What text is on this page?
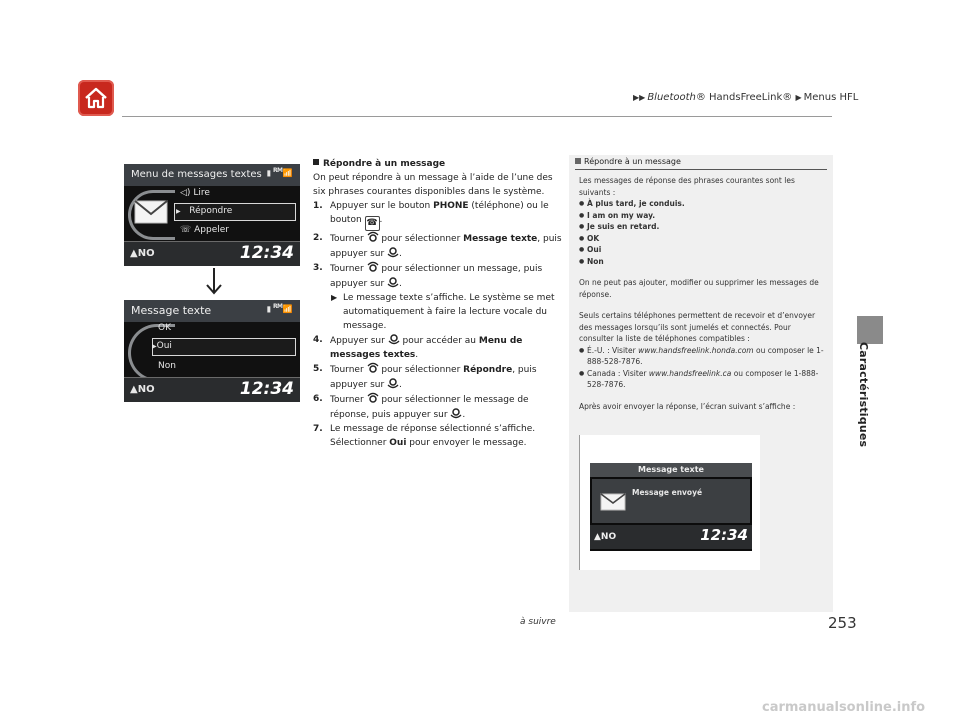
▶▶ Bluetooth® HandsFreeLink® ▶ Menus HFL
Caractéristiques
Menu de messages textes ▮ $^{RM}$📶
◁) Lire
▶ Répondre
☏ Appeler
▲NO	12:34
Message texte	▮ $^{RM}$📶
OK
▶Oui
Non
▲NO	12:34
Répondre à un message
On peut répondre à un message à l’aide de l’une des six phrases courantes disponibles dans le système.
1. Appuyer sur le bouton PHONE (téléphone) ou le bouton ☎ .
2. Tourner  pour sélectionner Message texte, puis appuyer sur .
3. Tourner  pour sélectionner un message, puis appuyer sur .
▶ Le message texte s’affiche. Le système se met automatiquement à faire la lecture vocale du message.
4. Appuyer sur  pour accéder au Menu de messages textes.
5. Tourner  pour sélectionner Répondre, puis appuyer sur .
6. Tourner  pour sélectionner le message de réponse, puis appuyer sur .
7. Le message de réponse sélectionné s’affiche. Sélectionner Oui pour envoyer le message.
Répondre à un message

Les messages de réponse des phrases courantes sont les suivants :

● À plus tard, je conduis.
● I am on my way.
● Je suis en retard.
● OK
● Oui
● Non

On ne peut pas ajouter, modifier ou supprimer les messages de réponse.

Seuls certains téléphones permettent de recevoir et d’envoyer des messages lorsqu’ils sont jumelés et connectés. Pour consulter la liste de téléphones compatibles :

● É.-U. : Visiter www.handsfreelink.honda.com ou composer le 1-888-528-7876.
● Canada : Visiter www.handsfreelink.ca ou composer le 1-888-528-7876.

Après avoir envoyer la réponse, l’écran suivant s’affiche :

Message texte
Message envoyé
▲NO	12:34
à suivre	253
carmanualsonline.info
